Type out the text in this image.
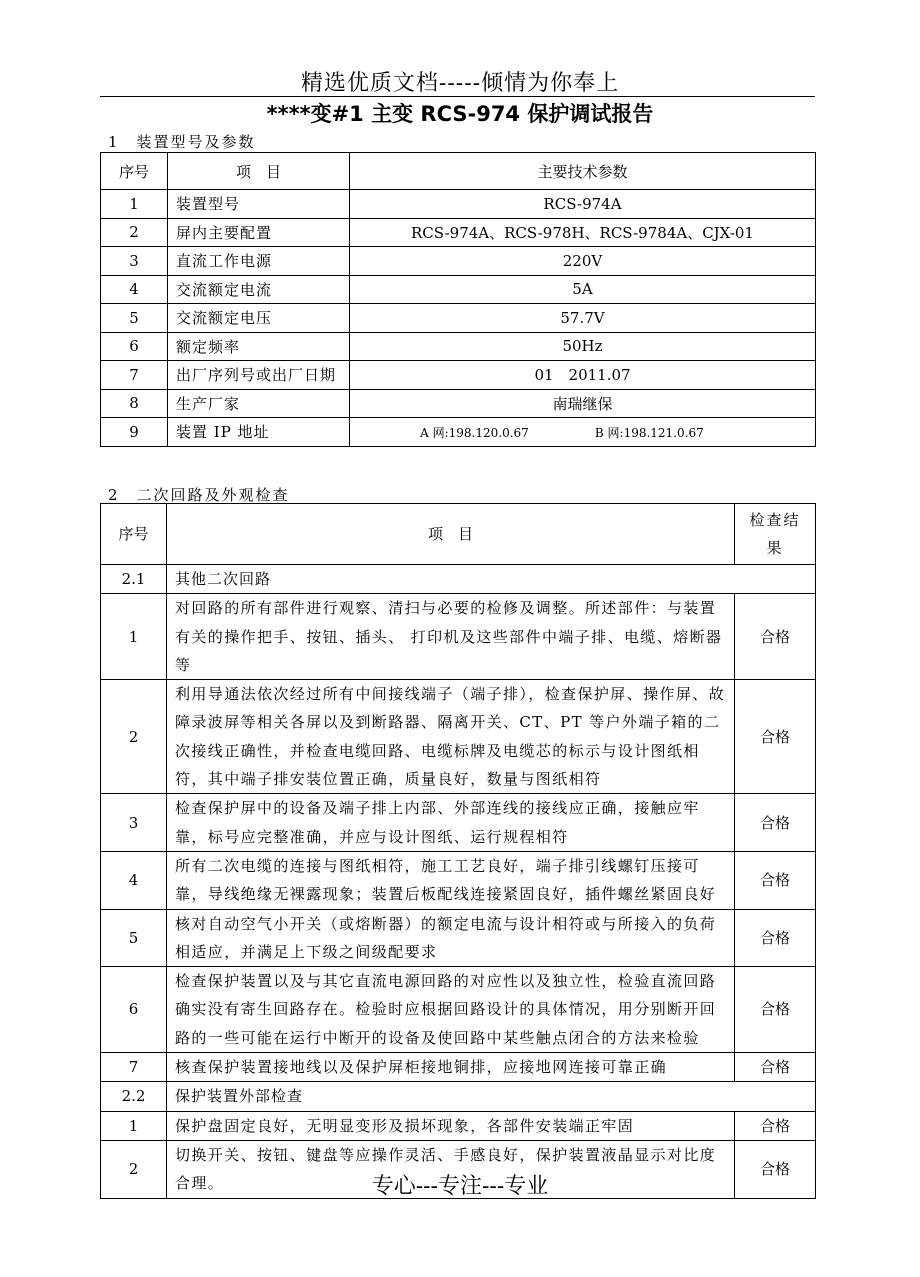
精选优质文档-----倾情为你奉上
****变#1 主变 RCS-974 保护调试报告
1　装置型号及参数
序号	项　目	主要技术参数
1	装置型号	RCS-974A
2	屏内主要配置	RCS-974A、RCS-978H、RCS-9784A、CJX-01
3	直流工作电源	220V
4	交流额定电流	5A
5	交流额定电压	57.7V
6	额定频率	50Hz
7	出厂序列号或出厂日期	01　2011.07
8	生产厂家	南瑞继保
9	装置 IP 地址	A 网:198.120.0.67 B 网:198.121.0.67
2　二次回路及外观检查
序号	项　目	检查结果
2.1	其他二次回路	
1	对回路的所有部件进行观察、清扫与必要的检修及调整。所述部件：与装置有关的操作把手、按钮、插头、 打印机及这些部件中端子排、电缆、熔断器等	合格
2	利用导通法依次经过所有中间接线端子（端子排），检查保护屏、操作屏、故障录波屏等相关各屏以及到断路器、隔离开关、CT、PT 等户外端子箱的二次接线正确性，并检查电缆回路、电缆标牌及电缆芯的标示与设计图纸相符，其中端子排安装位置正确，质量良好，数量与图纸相符	合格
3	检查保护屏中的设备及端子排上内部、外部连线的接线应正确，接触应牢靠，标号应完整准确，并应与设计图纸、运行规程相符	合格
4	所有二次电缆的连接与图纸相符，施工工艺良好，端子排引线螺钉压接可靠，导线绝缘无裸露现象；装置后板配线连接紧固良好，插件螺丝紧固良好	合格
5	核对自动空气小开关（或熔断器）的额定电流与设计相符或与所接入的负荷相适应，并满足上下级之间级配要求	合格
6	检查保护装置以及与其它直流电源回路的对应性以及独立性，检验直流回路确实没有寄生回路存在。检验时应根据回路设计的具体情况，用分别断开回路的一些可能在运行中断开的设备及使回路中某些触点闭合的方法来检验	合格
7	核查保护装置接地线以及保护屏柜接地铜排，应接地网连接可靠正确	合格
2.2	保护装置外部检查	
1	保护盘固定良好，无明显变形及损坏现象，各部件安装端正牢固	合格
2	切换开关、按钮、键盘等应操作灵活、手感良好，保护装置液晶显示对比度合理。	合格
专心---专注---专业
